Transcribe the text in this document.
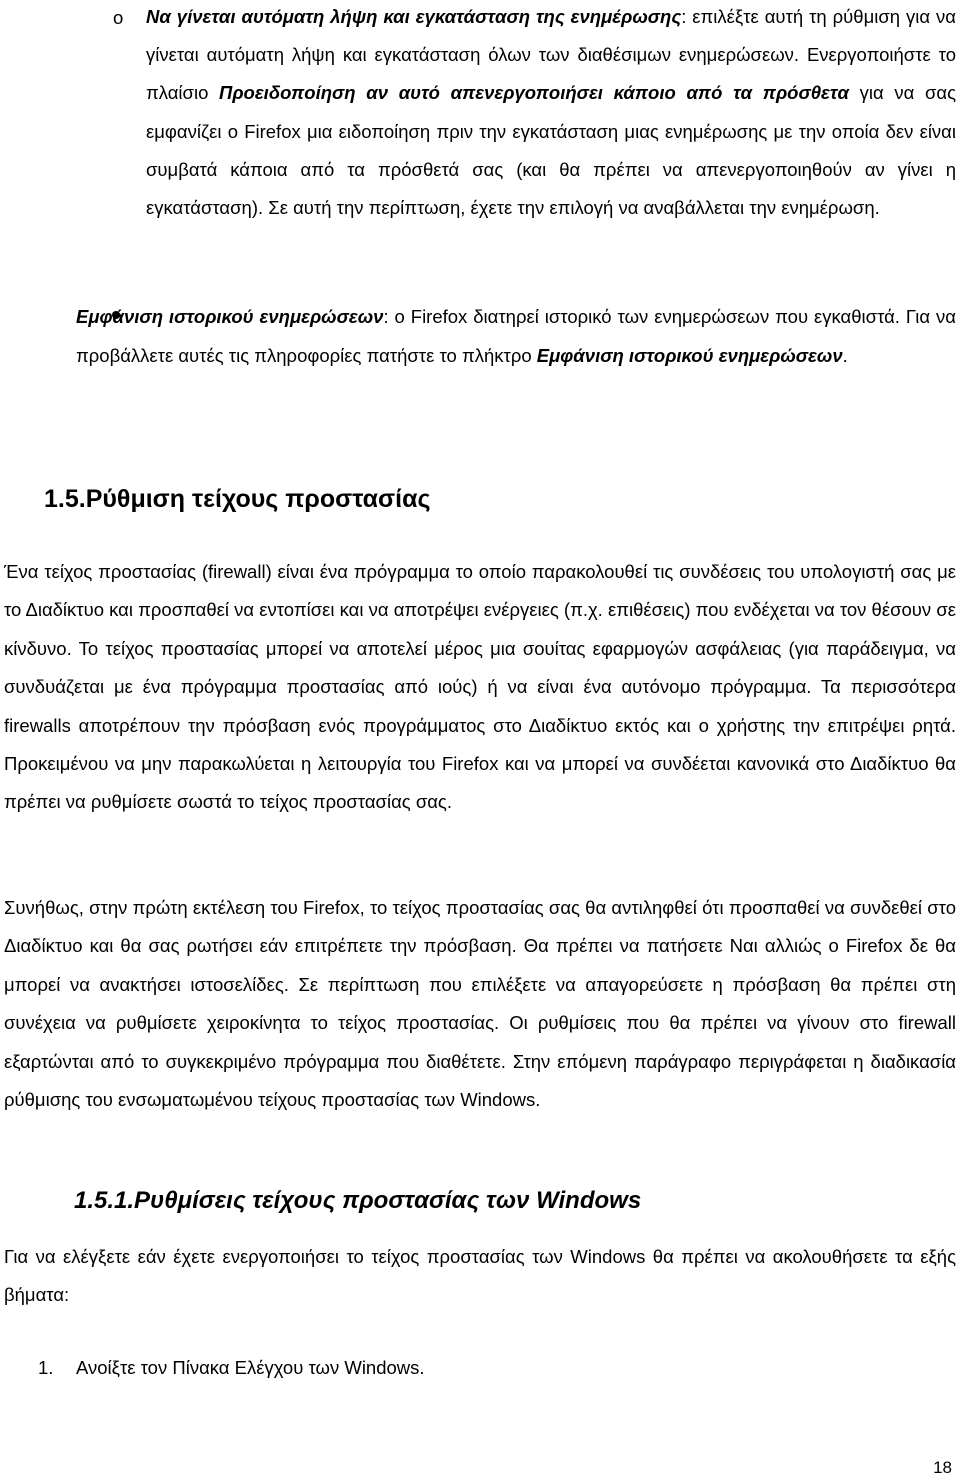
o	Να γίνεται αυτόματη λήψη και εγκατάσταση της ενημέρωσης: επιλέξτε αυτή τη ρύθμιση για να γίνεται αυτόματη λήψη και εγκατάσταση όλων των διαθέσιμων ενημερώσεων. Ενεργοποιήστε το πλαίσιο Προειδοποίηση αν αυτό απενεργοποιήσει κάποιο από τα πρόσθετα για να σας εμφανίζει ο Firefox μια ειδοποίηση πριν την εγκατάσταση μιας ενημέρωσης με την οποία δεν είναι συμβατά κάποια από τα πρόσθετά σας (και θα πρέπει να απενεργοποιηθούν αν γίνει η εγκατάσταση). Σε αυτή την περίπτωση, έχετε την επιλογή να αναβάλλεται την ενημέρωση.
Εμφάνιση ιστορικού ενημερώσεων: ο Firefox διατηρεί ιστορικό των ενημερώσεων που εγκαθιστά. Για να προβάλλετε αυτές τις πληροφορίες πατήστε το πλήκτρο Εμφάνιση ιστορικού ενημερώσεων.
1.5.Ρύθμιση τείχους προστασίας
Ένα τείχος προστασίας (firewall) είναι ένα πρόγραμμα το οποίο παρακολουθεί τις συνδέσεις του υπολογιστή σας με το Διαδίκτυο και προσπαθεί να εντοπίσει και να αποτρέψει ενέργειες (π.χ. επιθέσεις) που ενδέχεται να τον θέσουν σε κίνδυνο. Το τείχος προστασίας μπορεί να αποτελεί μέρος μια σουίτας εφαρμογών ασφάλειας (για παράδειγμα, να συνδυάζεται με ένα πρόγραμμα προστασίας από ιούς) ή να είναι ένα αυτόνομο πρόγραμμα. Τα περισσότερα firewalls αποτρέπουν την πρόσβαση ενός προγράμματος στο Διαδίκτυο εκτός και ο χρήστης την επιτρέψει ρητά. Προκειμένου να μην παρακωλύεται η λειτουργία του Firefox και να μπορεί να συνδέεται κανονικά στο Διαδίκτυο θα πρέπει να ρυθμίσετε σωστά το τείχος προστασίας σας.
Συνήθως, στην πρώτη εκτέλεση του Firefox, το τείχος προστασίας σας θα αντιληφθεί ότι προσπαθεί να συνδεθεί στο Διαδίκτυο και θα σας ρωτήσει εάν επιτρέπετε την πρόσβαση. Θα πρέπει να πατήσετε Ναι αλλιώς ο Firefox δε θα μπορεί να ανακτήσει ιστοσελίδες. Σε περίπτωση που επιλέξετε να απαγορεύσετε η πρόσβαση θα πρέπει στη συνέχεια να ρυθμίσετε χειροκίνητα το τείχος προστασίας. Οι ρυθμίσεις που θα πρέπει να γίνουν στο firewall εξαρτώνται από το συγκεκριμένο πρόγραμμα που διαθέτετε. Στην επόμενη παράγραφο περιγράφεται η διαδικασία ρύθμισης του ενσωματωμένου τείχους προστασίας των Windows.
1.5.1.Ρυθμίσεις τείχους προστασίας των Windows
Για να ελέγξετε εάν έχετε ενεργοποιήσει το τείχος προστασίας των Windows θα πρέπει να ακολουθήσετε τα εξής βήματα:
1. Ανοίξτε τον Πίνακα Ελέγχου των Windows.
18
